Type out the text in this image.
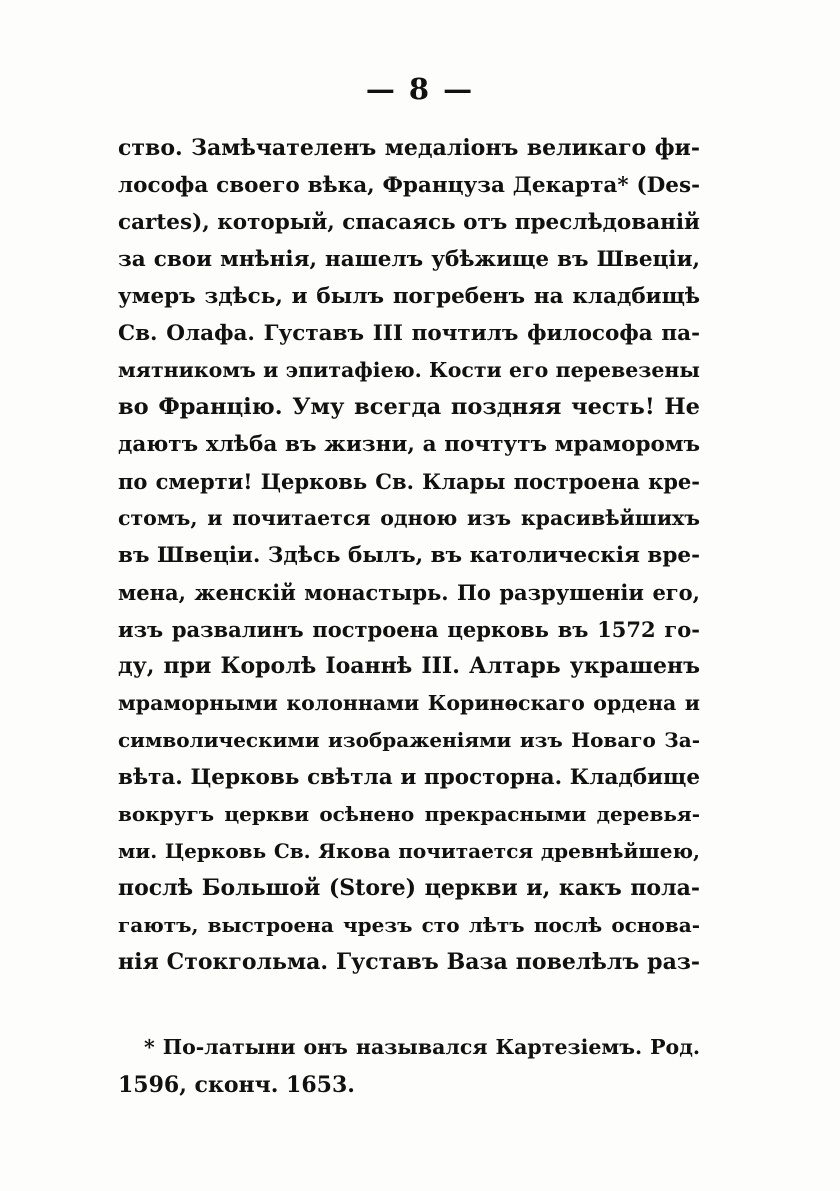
— 8 —
ство. Замѣчателенъ медаліонъ великаго фи-
лософа своего вѣка, Француза Декарта* (Des-
cartes), который, спасаясь отъ преслѣдованій
за свои мнѣнія, нашелъ убѣжище въ Швеціи,
умеръ здѣсь, и былъ погребенъ на кладбищѣ
Св. Олафа. Густавъ III почтилъ философа па-
мятникомъ и эпитафіею. Кости его перевезены
во Францію. Уму всегда поздняя честь! Не
даютъ хлѣба въ жизни, а почтутъ мраморомъ
по смерти! Церковь Св. Клары построена кре-
стомъ, и почитается одною изъ красивѣйшихъ
въ Швеціи. Здѣсь былъ, въ католическія вре-
мена, женскій монастырь. По разрушеніи его,
изъ развалинъ построена церковь въ 1572 го-
ду, при Королѣ Іоаннѣ III. Алтарь украшенъ
мраморными колоннами Коринѳскаго ордена и
символическими изображеніями изъ Новаго За-
вѣта. Церковь свѣтла и просторна. Кладбище
вокругъ церкви осѣнено прекрасными деревья-
ми. Церковь Св. Якова почитается древнѣйшею,
послѣ Большой (Store) церкви и, какъ пола-
гаютъ, выстроена чрезъ сто лѣтъ послѣ основа-
нія Стокгольма. Густавъ Ваза повелѣлъ раз-
* По-латыни онъ назывался Картезіемъ. Род.
1596, сконч. 1653.
